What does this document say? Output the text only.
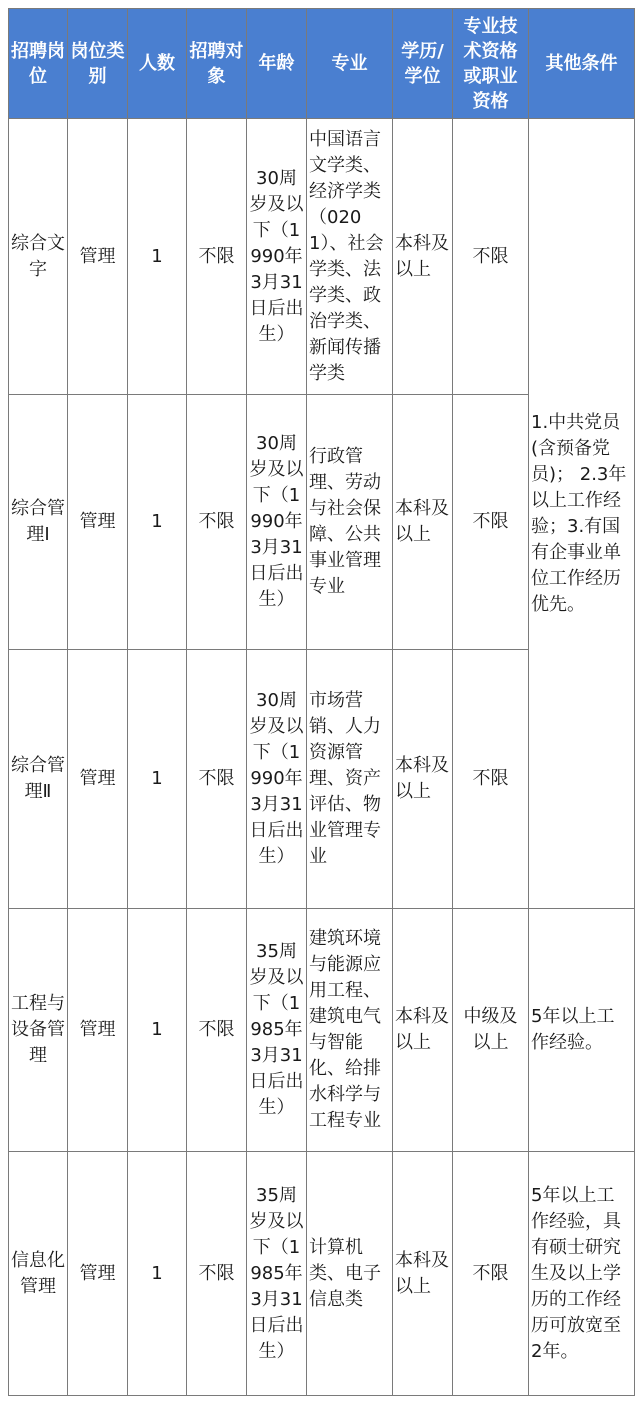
招聘岗位	岗位类别	人数	招聘对象	年龄	专业	学历/学位	专业技术资格或职业资格	其他条件
综合文字	管理	1	不限	30周岁及以下（1990年3月31日后出生）	中国语言文学类、经济学类（0201）、社会学类、法学类、政治学类、新闻传播学类	本科及以上	不限	1.中共党员(含预备党员)； 2.3年以上工作经验；3.有国有企事业单位工作经历优先。
综合管理Ⅰ	管理	1	不限	30周岁及以下（1990年3月31日后出生）	行政管理、劳动与社会保障、公共事业管理专业	本科及以上	不限	
综合管理Ⅱ	管理	1	不限	30周岁及以下（1990年3月31日后出生）	市场营销、人力资源管理、资产评估、物业管理专业	本科及以上	不限	
工程与设备管理	管理	1	不限	35周岁及以下（1985年3月31日后出生）	建筑环境与能源应用工程、建筑电气与智能化、给排水科学与工程专业	本科及以上	中级及以上	5年以上工作经验。
信息化管理	管理	1	不限	35周岁及以下（1985年3月31日后出生）	计算机类、电子信息类	本科及以上	不限	5年以上工作经验，具有硕士研究生及以上学历的工作经历可放宽至2年。
